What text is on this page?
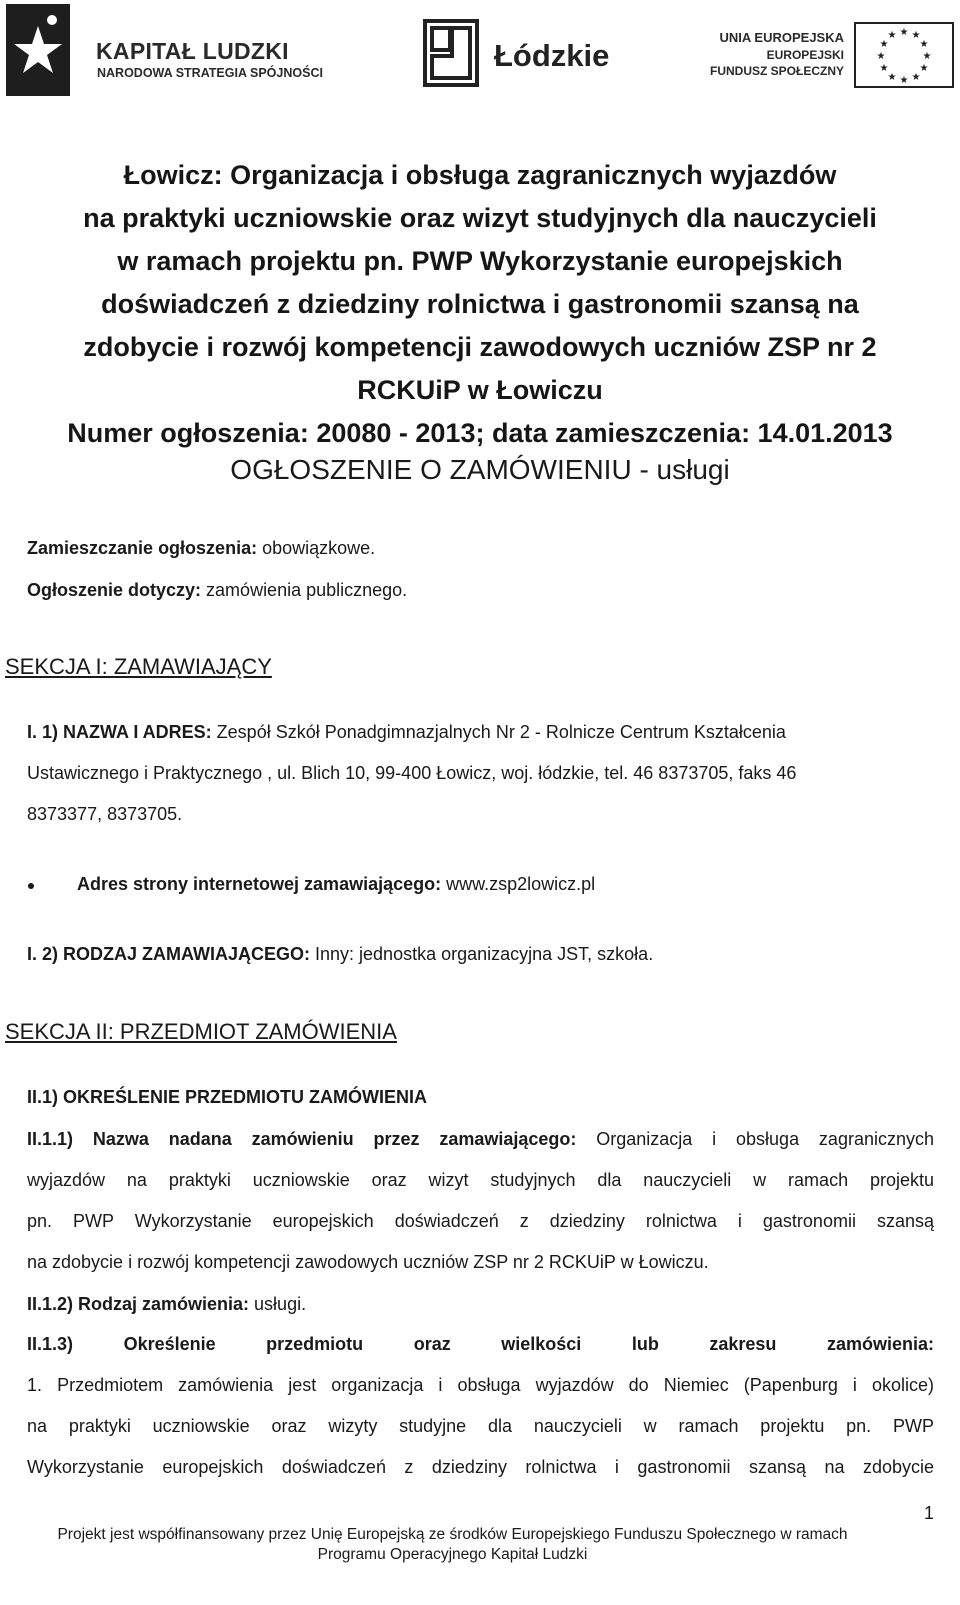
KAPITAŁ LUDZKI
NARODOWA STRATEGIA SPÓJNOŚCI	Łódzkie
UNIA EUROPEJSKA
EUROPEJSKI
FUNDUSZ SPOŁECZNY
★ ★
★
★
★
★
★
★
★
★
★
★
Łowicz: Organizacja i obsługa zagranicznych wyjazdów
na praktyki uczniowskie oraz wizyt studyjnych dla nauczycieli
w ramach projektu pn. PWP Wykorzystanie europejskich
doświadczeń z dziedziny rolnictwa i gastronomii szansą na
zdobycie i rozwój kompetencji zawodowych uczniów ZSP nr 2
RCKUiP w Łowiczu
Numer ogłoszenia: 20080 - 2013; data zamieszczenia: 14.01.2013
OGŁOSZENIE O ZAMÓWIENIU - usługi
Zamieszczanie ogłoszenia: obowiązkowe.
Ogłoszenie dotyczy: zamówienia publicznego.
SEKCJA I: ZAMAWIAJĄCY
I. 1) NAZWA I ADRES: Zespół Szkół Ponadgimnazjalnych Nr 2 - Rolnicze Centrum Kształcenia
Ustawicznego i Praktycznego , ul. Blich 10, 99-400 Łowicz, woj. łódzkie, tel. 46 8373705, faks 46
8373377, 8373705.
Adres strony internetowej zamawiającego: www.zsp2lowicz.pl
I. 2) RODZAJ ZAMAWIAJĄCEGO: Inny: jednostka organizacyjna JST, szkoła.
SEKCJA II: PRZEDMIOT ZAMÓWIENIA
II.1) OKREŚLENIE PRZEDMIOTU ZAMÓWIENIA
II.1.1) Nazwa nadana zamówieniu przez zamawiającego: Organizacja i obsługa zagranicznych
wyjazdów na praktyki uczniowskie oraz wizyt studyjnych dla nauczycieli w ramach projektu
pn. PWP Wykorzystanie europejskich doświadczeń z dziedziny rolnictwa i gastronomii szansą
na zdobycie i rozwój kompetencji zawodowych uczniów ZSP nr 2 RCKUiP w Łowiczu.
II.1.2) Rodzaj zamówienia: usługi.
II.1.3) Określenie przedmiotu oraz wielkości lub zakresu zamówienia:
1. Przedmiotem zamówienia jest organizacja i obsługa wyjazdów do Niemiec (Papenburg i okolice)
na praktyki uczniowskie oraz wizyty studyjne dla nauczycieli w ramach projektu pn. PWP
Wykorzystanie europejskich doświadczeń z dziedziny rolnictwa i gastronomii szansą na zdobycie
1
Projekt jest współfinansowany przez Unię Europejską ze środków Europejskiego Funduszu Społecznego w ramach
Programu Operacyjnego Kapitał Ludzki
